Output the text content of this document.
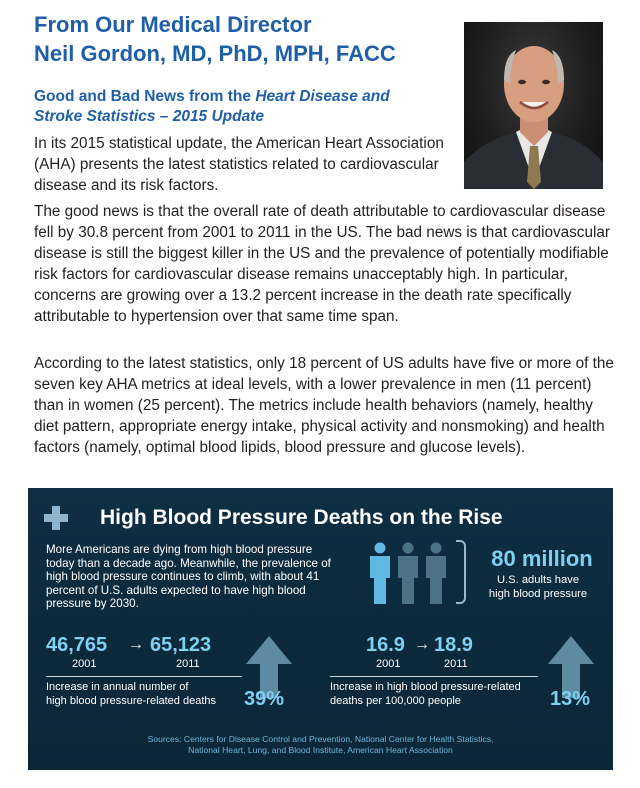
From Our Medical Director
Neil Gordon, MD, PhD, MPH, FACC
Good and Bad News from the Heart Disease and
Stroke Statistics – 2015 Update

In its 2015 statistical update, the American Heart Association (AHA) presents the latest statistics related to cardiovascular disease and its risk factors.

The good news is that the overall rate of death attributable to cardiovascular disease fell by 30.8 percent from 2001 to 2011 in the US. The bad news is that cardiovascular disease is still the biggest killer in the US and the prevalence of potentially modifiable risk factors for cardiovascular disease remains unacceptably high. In particular, concerns are growing over a 13.2 percent increase in the death rate specifically attributable to hypertension over that same time span.

According to the latest statistics, only 18 percent of US adults have five or more of the seven key AHA metrics at ideal levels, with a lower prevalence in men (11 percent) than in women (25 percent). The metrics include health behaviors (namely, healthy diet pattern, appropriate energy intake, physical activity and nonsmoking) and health factors (namely, optimal blood lipids, blood pressure and glucose levels).

High Blood Pressure Deaths on the Rise
More Americans are dying from high blood pressure today than a decade ago. Meanwhile, the prevalence of high blood pressure continues to climb, with about 41 percent of U.S. adults expected to have high blood pressure by 2030.
80 million
U.S. adults have
high blood pressure
46,765 → 65,123
2001	2011
Increase in annual number of
high blood pressure-related deaths	39%
16.9 → 18.9
2001	2011
Increase in high blood pressure-related
deaths per 100,000 people	13%
Sources: Centers for Disease Control and Prevention, National Center for Health Statistics,
National Heart, Lung, and Blood Institute, American Heart Association
